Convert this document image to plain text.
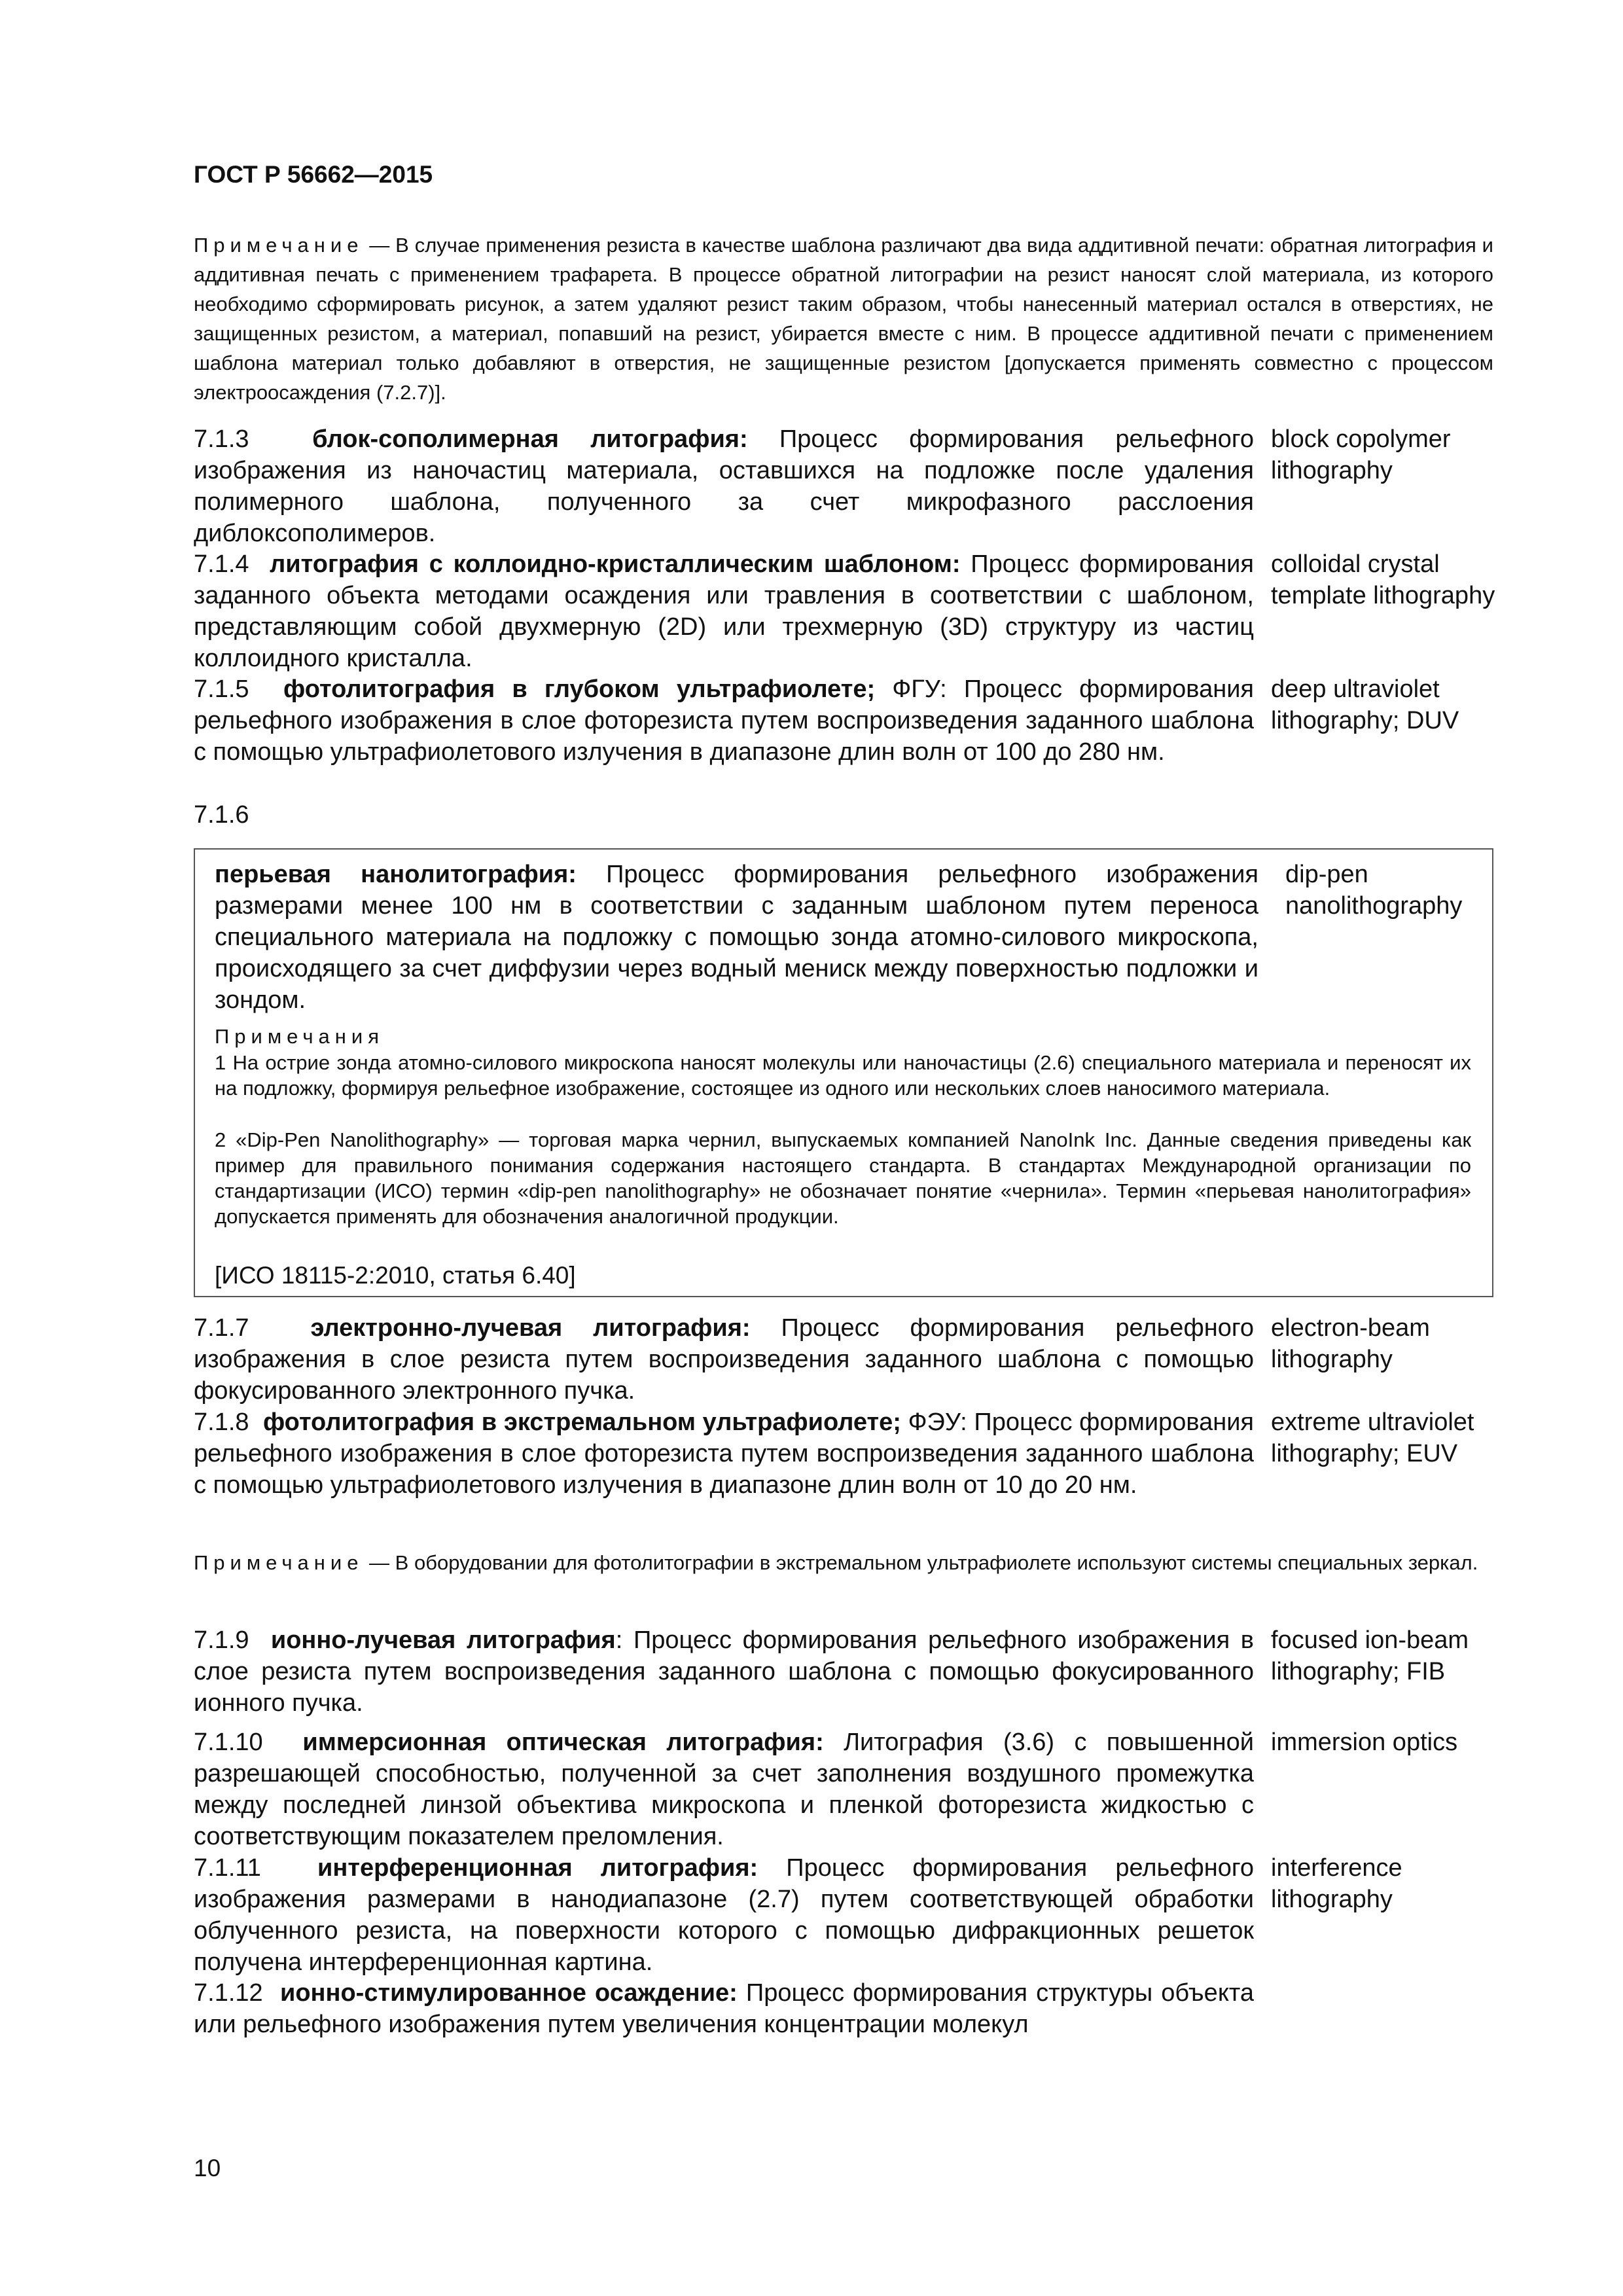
ГОСТ Р 56662—2015
Примечание — В случае применения резиста в качестве шаблона различают два вида аддитивной печати: обратная литография и аддитивная печать с применением трафарета. В процессе обратной литографии на резист наносят слой материала, из которого необходимо сформировать рисунок, а затем удаляют резист таким образом, чтобы нанесенный материал остался в отверстиях, не защищенных резистом, а материал, попавший на резист, убирается вместе с ним. В процессе аддитивной печати с применением шаблона материал только добавляют в отверстия, не защищенные резистом [допускается применять совместно с процессом электроосаждения (7.2.7)].
7.1.3	блок-сополимерная литография: Процесс формирования рельефного изображения из наночастиц материала, оставшихся на подложке после удаления полимерного шаблона, полученного за счет микрофазного расслоения диблоксополимеров.
block copolymer lithography
7.1.4 литография с коллоидно-кристаллическим шаблоном: Процесс формирования заданного объекта методами осаждения или травления в соответствии с шаблоном, представляющим собой двухмерную (2D) или трехмерную (3D) структуру из частиц коллоидного кристалла.
colloidal crystal template lithography
7.1.5 фотолитография в глубоком ультрафиолете; ФГУ: Процесс формирования рельефного изображения в слое фоторезиста путем воспроизведения заданного шаблона с помощью ультрафиолетового излучения в диапазоне длин волн от 100 до 280 нм.
deep ultraviolet lithography; DUV
7.1.6
перьевая нанолитография: Процесс формирования рельефного изображения размерами менее 100 нм в соответствии с заданным шаблоном путем переноса специального материала на подложку с помощью зонда атомно-силового микроскопа, происходящего за счет диффузии через водный мениск между поверхностью подложки и зондом.
dip-pen nanolithography
Примечания
1 На острие зонда атомно-силового микроскопа наносят молекулы или наночастицы (2.6) специального материала и переносят их на подложку, формируя рельефное изображение, состоящее из одного или нескольких слоев наносимого материала.
2 «Dip-Pen Nanolithography» — торговая марка чернил, выпускаемых компанией NanoInk Inc. Данные сведения приведены как пример для правильного понимания содержания настоящего стандарта. В стандартах Международной организации по стандартизации (ИСО) термин «dip-pen nanolithography» не обозначает понятие «чернила». Термин «перьевая нанолитография» допускается применять для обозначения аналогичной продукции.
[ИСО 18115-2:2010, статья 6.40]
7.1.7 электронно-лучевая литография: Процесс формирования рельефного изображения в слое резиста путем воспроизведения заданного шаблона с помощью фокусированного электронного пучка.
electron-beam lithography
7.1.8 фотолитография в экстремальном ультрафиолете; ФЭУ: Процесс формирования рельефного изображения в слое фоторезиста путем воспроизведения заданного шаблона с помощью ультрафиолетового излучения в диапазоне длин волн от 10 до 20 нм.
extreme ultraviolet lithography; EUV
Примечание — В оборудовании для фотолитографии в экстремальном ультрафиолете используют системы специальных зеркал.
7.1.9 ионно-лучевая литография: Процесс формирования рельефного изображения в слое резиста путем воспроизведения заданного шаблона с помощью фокусированного ионного пучка.
focused ion-beam lithography; FIB
7.1.10 иммерсионная оптическая литография: Литография (3.6) с повышенной разрешающей способностью, полученной за счет заполнения воздушного промежутка между последней линзой объектива микроскопа и пленкой фоторезиста жидкостью с соответствующим показателем преломления.
immersion optics
7.1.11 интерференционная литография: Процесс формирования рельефного изображения размерами в нанодиапазоне (2.7) путем соответствующей обработки облученного резиста, на поверхности которого с помощью дифракционных решеток получена интерференционная картина.
interference lithography
7.1.12 ионно-стимулированное осаждение: Процесс формирования структуры объекта или рельефного изображения путем увеличения концентрации молекул
10
